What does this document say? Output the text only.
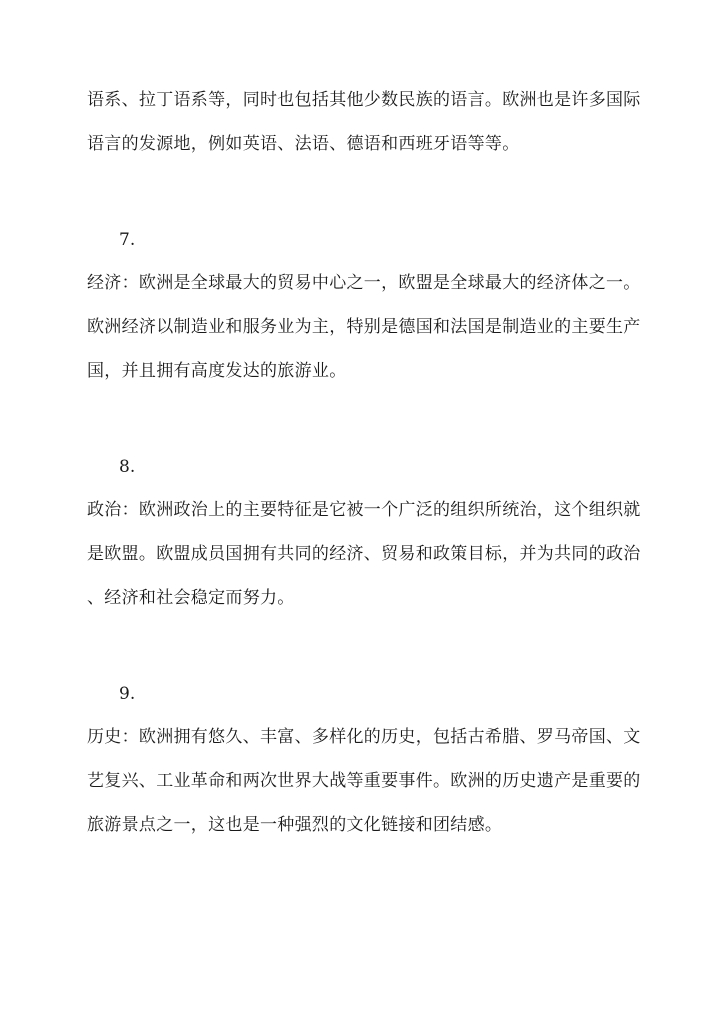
语系、拉丁语系等，同时也包括其他少数民族的语言。欧洲也是许多国际
语言的发源地，例如英语、法语、德语和西班牙语等等。
7.
经济：欧洲是全球最大的贸易中心之一，欧盟是全球最大的经济体之一。
欧洲经济以制造业和服务业为主，特别是德国和法国是制造业的主要生产
国，并且拥有高度发达的旅游业。
8.
政治：欧洲政治上的主要特征是它被一个广泛的组织所统治，这个组织就
是欧盟。欧盟成员国拥有共同的经济、贸易和政策目标，并为共同的政治
、经济和社会稳定而努力。
9.
历史：欧洲拥有悠久、丰富、多样化的历史，包括古希腊、罗马帝国、文
艺复兴、工业革命和两次世界大战等重要事件。欧洲的历史遗产是重要的
旅游景点之一，这也是一种强烈的文化链接和团结感。
